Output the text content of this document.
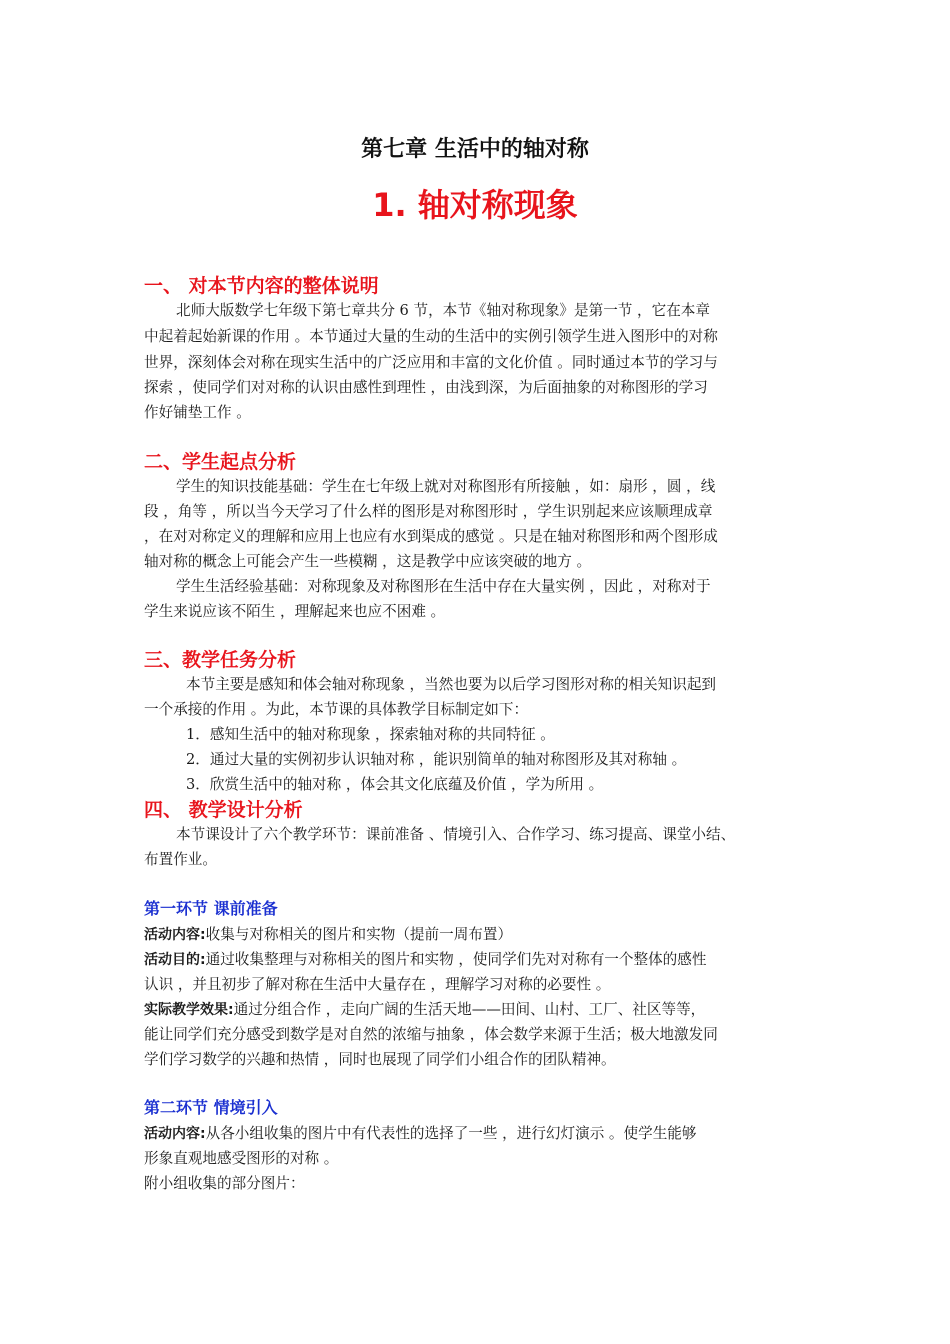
第七章 生活中的轴对称
1. 轴对称现象
一、 对本节内容的整体说明
北师大版数学七年级下第七章共分 6 节，本节《轴对称现象》是第一节 ，它在本章
中起着起始新课的作用 。本节通过大量的生动的生活中的实例引领学生进入图形中的对称
世界，深刻体会对称在现实生活中的广泛应用和丰富的文化价值 。同时通过本节的学习与
探索 ，使同学们对对称的认识由感性到理性 ，由浅到深，为后面抽象的对称图形的学习
作好铺垫工作 。
二、学生起点分析
学生的知识技能基础：学生在七年级上就对对称图形有所接触 ，如：扇形 ，圆 ，线
段 ，角等 ，所以当今天学习了什么样的图形是对称图形时 ，学生识别起来应该顺理成章
，在对对称定义的理解和应用上也应有水到渠成的感觉 。只是在轴对称图形和两个图形成
轴对称的概念上可能会产生一些模糊 ，这是教学中应该突破的地方 。
学生生活经验基础：对称现象及对称图形在生活中存在大量实例 ，因此 ，对称对于
学生来说应该不陌生 ，理解起来也应不困难 。
三、教学任务分析
本节主要是感知和体会轴对称现象 ，当然也要为以后学习图形对称的相关知识起到
一个承接的作用 。为此，本节课的具体教学目标制定如下：
1．感知生活中的轴对称现象 ，探索轴对称的共同特征 。
2．通过大量的实例初步认识轴对称 ，能识别简单的轴对称图形及其对称轴 。
3．欣赏生活中的轴对称 ，体会其文化底蕴及价值 ，学为所用 。
四、 教学设计分析
本节课设计了六个教学环节：课前准备 、情境引入、合作学习、练习提高、课堂小结、
布置作业。
第一环节 课前准备
活动内容:收集与对称相关的图片和实物（提前一周布置）
活动目的:通过收集整理与对称相关的图片和实物 ，使同学们先对对称有一个整体的感性
认识 ，并且初步了解对称在生活中大量存在 ，理解学习对称的必要性 。
实际教学效果:通过分组合作 ，走向广阔的生活天地——田间、山村、工厂、社区等等，
能让同学们充分感受到数学是对自然的浓缩与抽象 ，体会数学来源于生活；极大地激发同
学们学习数学的兴趣和热情 ，同时也展现了同学们小组合作的团队精神。
第二环节 情境引入
活动内容:从各小组收集的图片中有代表性的选择了一些 ，进行幻灯演示 。使学生能够
形象直观地感受图形的对称 。
附小组收集的部分图片：
